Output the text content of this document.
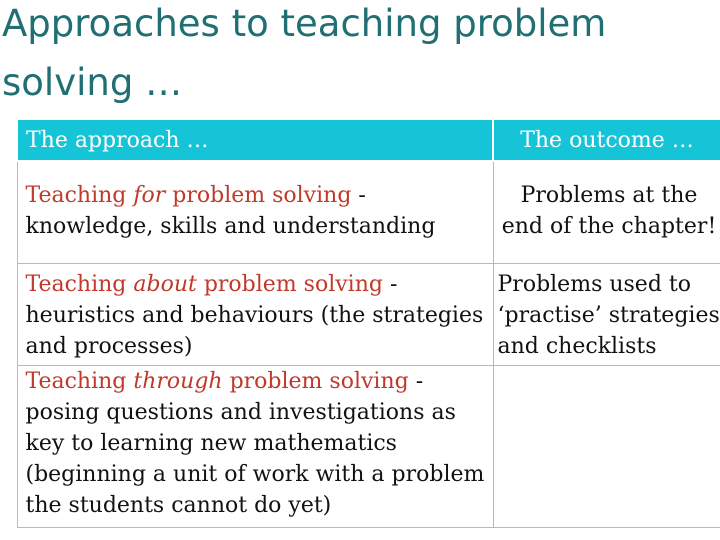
Approaches to teaching problem
solving …
The approach …	The outcome …
Teaching for problem solving -
knowledge, skills and understanding	Problems at the end of the chapter!
Teaching about problem solving -
heuristics and behaviours (the strategies and processes)	Problems used to ‘practise’ strategies and checklists
Teaching through problem solving -
posing questions and investigations as key to learning new mathematics (beginning a unit of work with a problem the students cannot do yet)	
